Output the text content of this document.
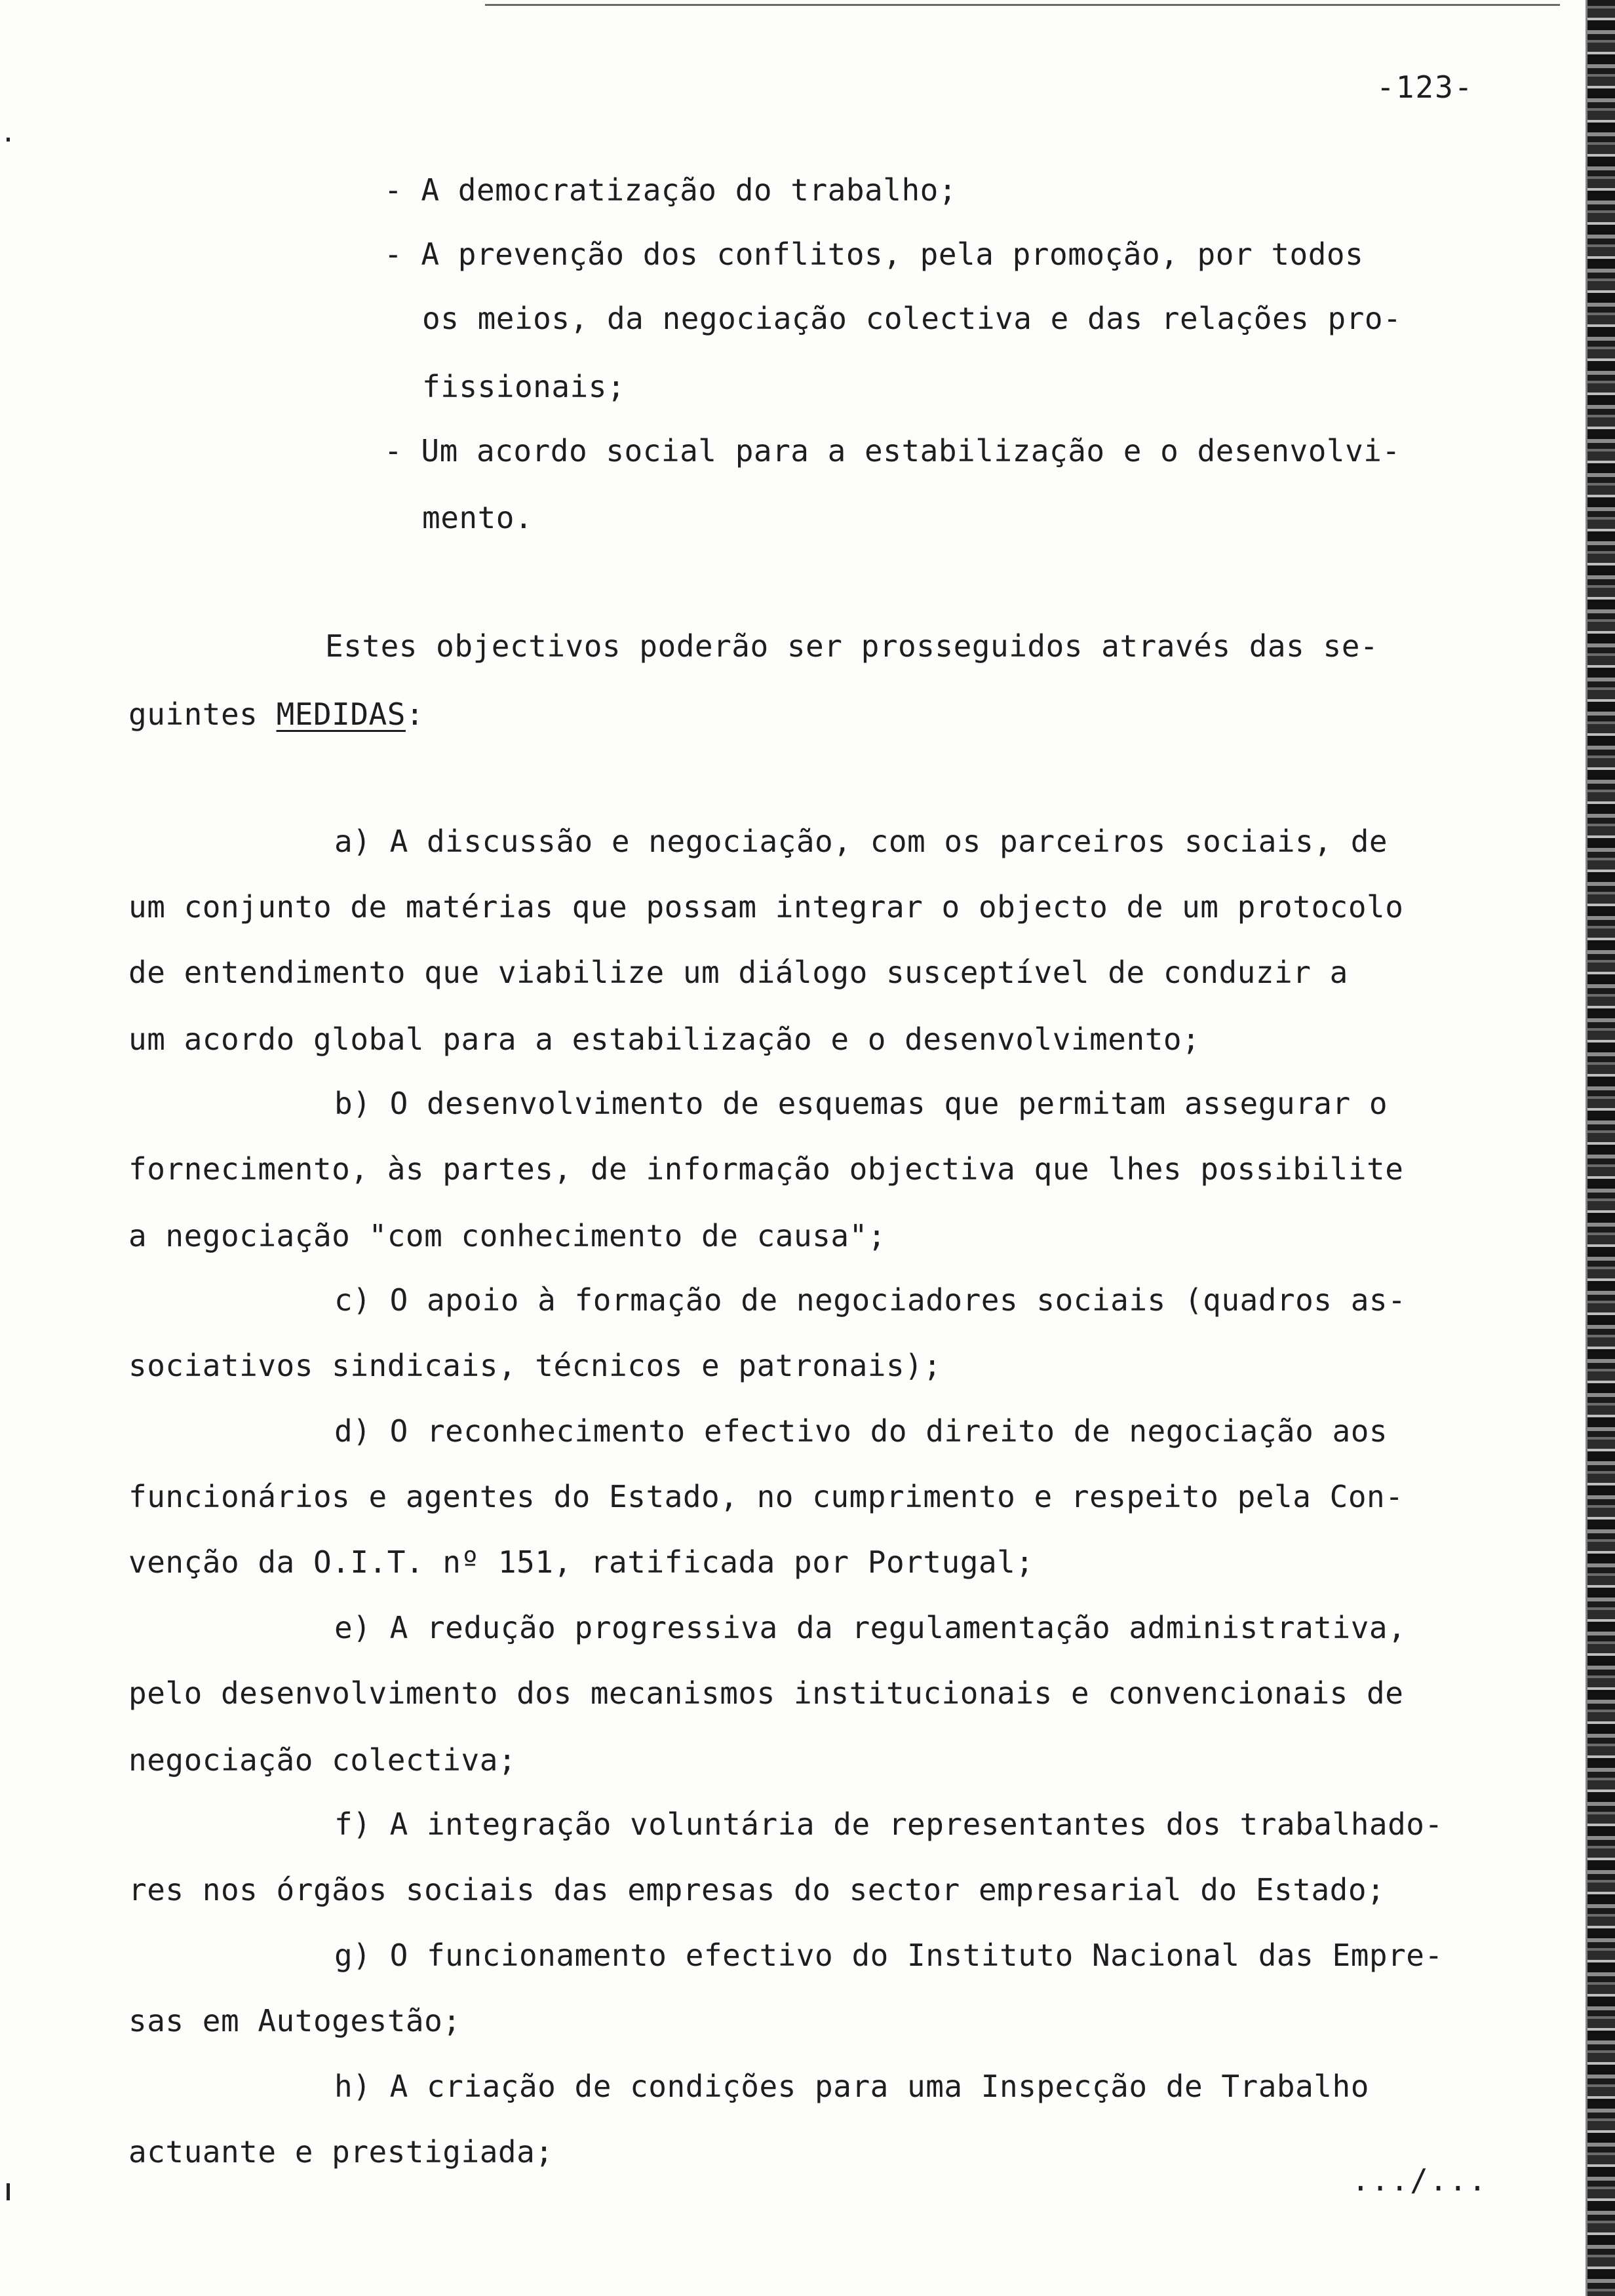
-123-
- A democratização do trabalho;
- A prevenção dos conflitos, pela promoção, por todos
os meios, da negociação colectiva e das relações pro-
fissionais;
- Um acordo social para a estabilização e o desenvolvi-
mento.
Estes objectivos poderão ser prosseguidos através das se-
guintes MEDIDAS:
a) A discussão e negociação, com os parceiros sociais, de
um conjunto de matérias que possam integrar o objecto de um protocolo
de entendimento que viabilize um diálogo susceptível de conduzir a
um acordo global para a estabilização e o desenvolvimento;
b) O desenvolvimento de esquemas que permitam assegurar o
fornecimento, às partes, de informação objectiva que lhes possibilite
a negociação "com conhecimento de causa";
c) O apoio à formação de negociadores sociais (quadros as-
sociativos sindicais, técnicos e patronais);
d) O reconhecimento efectivo do direito de negociação aos
funcionários e agentes do Estado, no cumprimento e respeito pela Con-
venção da O.I.T. nº 151, ratificada por Portugal;
e) A redução progressiva da regulamentação administrativa,
pelo desenvolvimento dos mecanismos institucionais e convencionais de
negociação colectiva;
f) A integração voluntária de representantes dos trabalhado-
res nos órgãos sociais das empresas do sector empresarial do Estado;
g) O funcionamento efectivo do Instituto Nacional das Empre-
sas em Autogestão;
h) A criação de condições para uma Inspecção de Trabalho
actuante e prestigiada;
.../...
